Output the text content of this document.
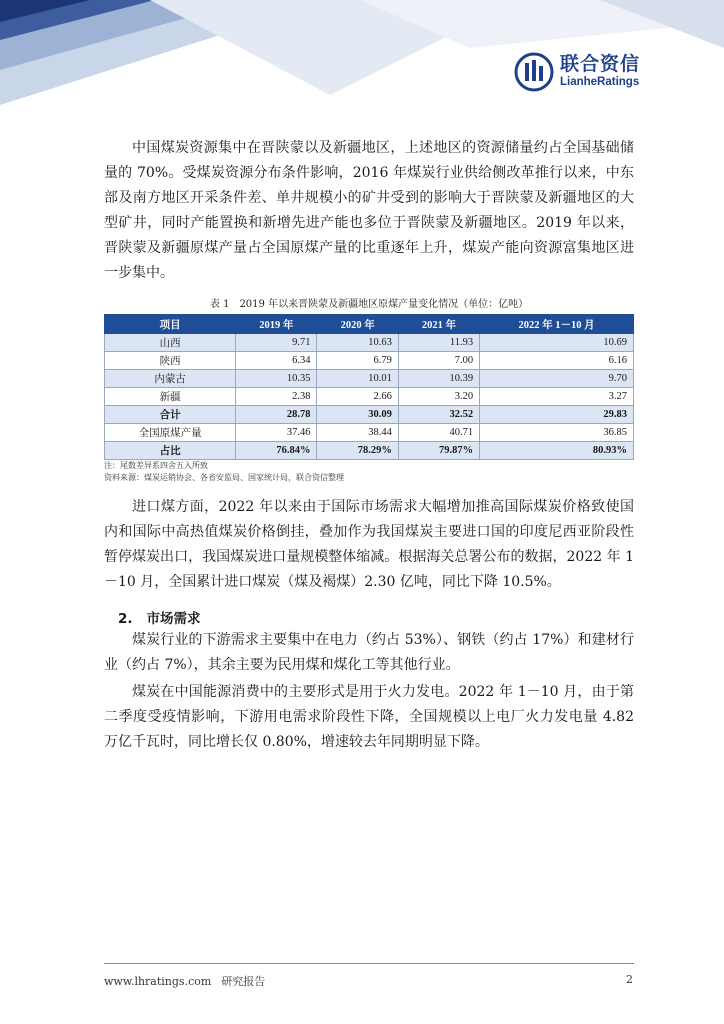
联合资信
LianheRatings

中国煤炭资源集中在晋陕蒙以及新疆地区，上述地区的资源储量约占全国基础储量的 70%。受煤炭资源分布条件影响，2016 年煤炭行业供给侧改革推行以来，中东部及南方地区开采条件差、单井规模小的矿井受到的影响大于晋陕蒙及新疆地区的大型矿井，同时产能置换和新增先进产能也多位于晋陕蒙及新疆地区。2019 年以来，晋陕蒙及新疆原煤产量占全国原煤产量的比重逐年上升，煤炭产能向资源富集地区进一步集中。

表 1　2019 年以来晋陕蒙及新疆地区原煤产量变化情况（单位：亿吨）
项目	2019 年	2020 年	2021 年	2022 年 1－10 月
山西	9.71	10.63	11.93	10.69
陕西	6.34	6.79	7.00	6.16
内蒙古	10.35	10.01	10.39	9.70
新疆	2.38	2.66	3.20	3.27
合计	28.78	30.09	32.52	29.83
全国原煤产量	37.46	38.44	40.71	36.85
占比	76.84%	78.29%	79.87%	80.93%
注：尾数差异系四舍五入所致
资料来源：煤炭运销协会、各省安监局、国家统计局，联合资信整理

进口煤方面，2022 年以来由于国际市场需求大幅增加推高国际煤炭价格致使国内和国际中高热值煤炭价格倒挂，叠加作为我国煤炭主要进口国的印度尼西亚阶段性暂停煤炭出口，我国煤炭进口量规模整体缩减。根据海关总署公布的数据，2022 年 1－10 月，全国累计进口煤炭（煤及褐煤）2.30 亿吨，同比下降 10.5%。

2. 市场需求

煤炭行业的下游需求主要集中在电力（约占 53%）、钢铁（约占 17%）和建材行业（约占 7%），其余主要为民用煤和煤化工等其他行业。

煤炭在中国能源消费中的主要形式是用于火力发电。2022 年 1－10 月，由于第二季度受疫情影响，下游用电需求阶段性下降，全国规模以上电厂火力发电量 4.82 万亿千瓦时，同比增长仅 0.80%，增速较去年同期明显下降。

www.lhratings.com 研究报告	2
